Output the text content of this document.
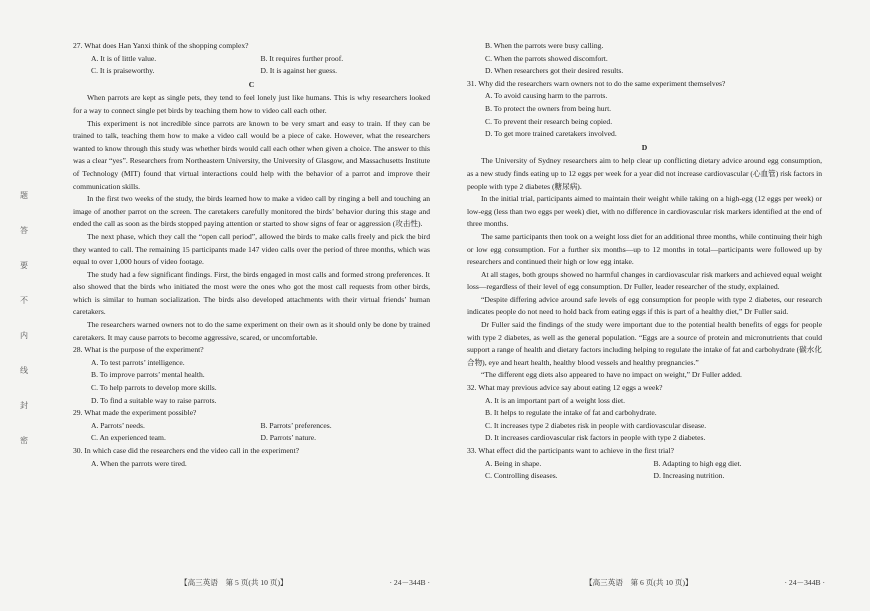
题
答
要
不
内
线
封
密

27. What does Han Yanxi think of the shopping complex?

A. It is of little value.	B. It requires further proof.
C. It is praiseworthy.	D. It is against her guess.
C

When parrots are kept as single pets, they tend to feel lonely just like humans. This is why researchers looked for a way to connect single pet birds by teaching them how to video call each other.

This experiment is not incredible since parrots are known to be very smart and easy to train. If they can be trained to talk, teaching them how to make a video call would be a piece of cake. However, what the researchers wanted to know through this study was whether birds would call each other when given a choice. The answer to this was a clear “yes”. Researchers from Northeastern University, the University of Glasgow, and Massachusetts Institute of Technology (MIT) found that virtual interactions could help with the behavior of a parrot and improve their communication skills.

In the first two weeks of the study, the birds learned how to make a video call by ringing a bell and touching an image of another parrot on the screen. The caretakers carefully monitored the birds’ behavior during this stage and ended the call as soon as the birds stopped paying attention or started to show signs of fear or aggression (攻击性).

The next phase, which they call the “open call period”, allowed the birds to make calls freely and pick the bird they wanted to call. The remaining 15 participants made 147 video calls over the period of three months, which was equal to over 1,000 hours of video footage.

The study had a few significant findings. First, the birds engaged in most calls and formed strong preferences. It also showed that the birds who initiated the most were the ones who got the most call requests from other birds, which is similar to human socialization. The birds also developed attachments with their virtual friends’ human caretakers.

The researchers warned owners not to do the same experiment on their own as it should only be done by trained caretakers. It may cause parrots to become aggressive, scared, or uncomfortable.

28. What is the purpose of the experiment?

A. To test parrots’ intelligence.
B. To improve parrots’ mental health.
C. To help parrots to develop more skills.
D. To find a suitable way to raise parrots.

29. What made the experiment possible?

A. Parrots’ needs.	B. Parrots’ preferences.
C. An experienced team.	D. Parrots’ nature.

30. In which case did the researchers end the video call in the experiment?

A. When the parrots were tired.
B. When the parrots were busy calling.
C. When the parrots showed discomfort.
D. When researchers got their desired results.

31. Why did the researchers warn owners not to do the same experiment themselves?

A. To avoid causing harm to the parrots.
B. To protect the owners from being hurt.
C. To prevent their research being copied.
D. To get more trained caretakers involved.
D

The University of Sydney researchers aim to help clear up conflicting dietary advice around egg consumption, as a new study finds eating up to 12 eggs per week for a year did not increase cardiovascular (心血管) risk factors in people with type 2 diabetes (糖尿病).

In the initial trial, participants aimed to maintain their weight while taking on a high-egg (12 eggs per week) or low-egg (less than two eggs per week) diet, with no difference in cardiovascular risk markers identified at the end of three months.

The same participants then took on a weight loss diet for an additional three months, while continuing their high or low egg consumption. For a further six months—up to 12 months in total—participants were followed up by researchers and continued their high or low egg intake.

At all stages, both groups showed no harmful changes in cardiovascular risk markers and achieved equal weight loss—regardless of their level of egg consumption. Dr Fuller, leader researcher of the study, explained.

“Despite differing advice around safe levels of egg consumption for people with type 2 diabetes, our research indicates people do not need to hold back from eating eggs if this is part of a healthy diet,” Dr Fuller said.

Dr Fuller said the findings of the study were important due to the potential health benefits of eggs for people with type 2 diabetes, as well as the general population. “Eggs are a source of protein and micronutrients that could support a range of health and dietary factors including helping to regulate the intake of fat and carbohydrate (碳水化合物), eye and heart health, healthy blood vessels and healthy pregnancies.”

“The different egg diets also appeared to have no impact on weight,” Dr Fuller added.

32. What may previous advice say about eating 12 eggs a week?

A. It is an important part of a weight loss diet.
B. It helps to regulate the intake of fat and carbohydrate.
C. It increases type 2 diabetes risk in people with cardiovascular disease.
D. It increases cardiovascular risk factors in people with type 2 diabetes.

33. What effect did the participants want to achieve in the first trial?

A. Being in shape.	B. Adapting to high egg diet.
C. Controlling diseases.	D. Increasing nutrition.
【高三英语　第 5 页(共 10 页)】	· 24－344B ·	【高三英语　第 6 页(共 10 页)】	· 24－344B ·
